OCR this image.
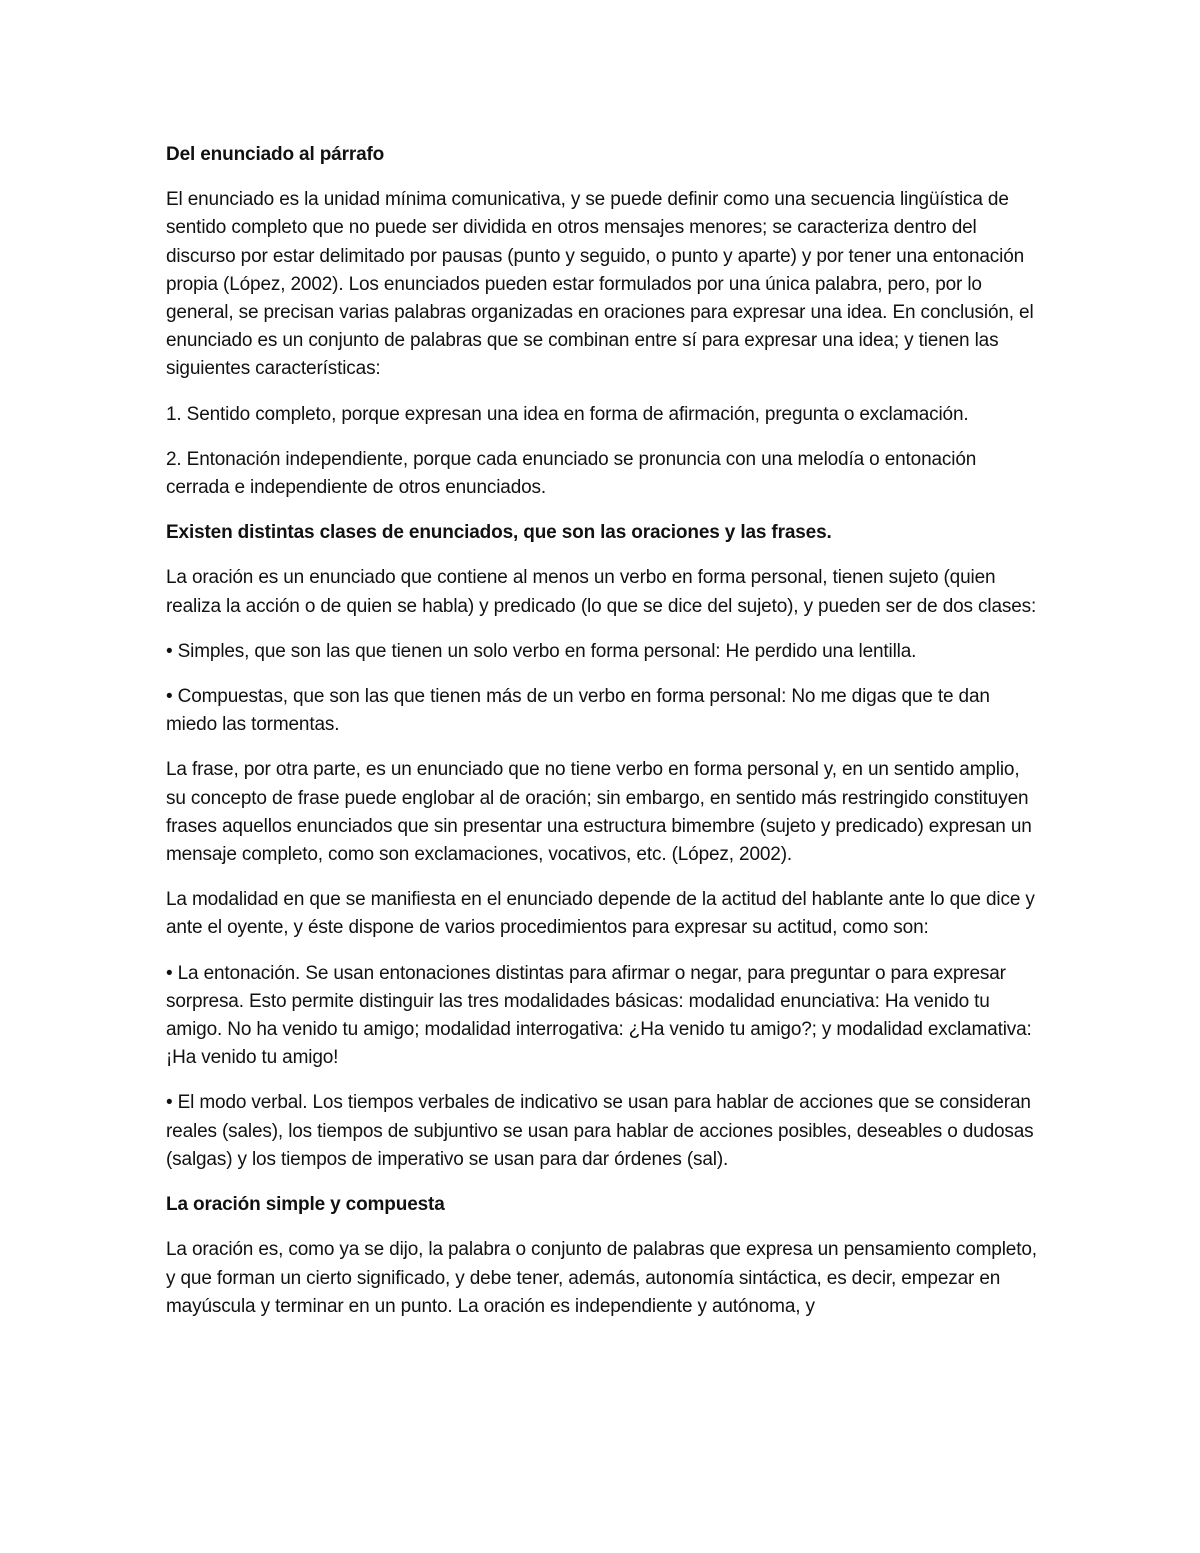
Del enunciado al párrafo

El enunciado es la unidad mínima comunicativa, y se puede definir como una secuencia lingüística de sentido completo que no puede ser dividida en otros mensajes menores; se caracteriza dentro del discurso por estar delimitado por pausas (punto y seguido, o punto y aparte) y por tener una entonación propia (López, 2002). Los enunciados pueden estar formulados por una única palabra, pero, por lo general, se precisan varias palabras organizadas en oraciones para expresar una idea. En conclusión, el enunciado es un conjunto de palabras que se combinan entre sí para expresar una idea; y tienen las siguientes características:

1. Sentido completo, porque expresan una idea en forma de afirmación, pregunta o exclamación.

2. Entonación independiente, porque cada enunciado se pronuncia con una melodía o entonación cerrada e independiente de otros enunciados.

Existen distintas clases de enunciados, que son las oraciones y las frases.

La oración es un enunciado que contiene al menos un verbo en forma personal, tienen sujeto (quien realiza la acción o de quien se habla) y predicado (lo que se dice del sujeto), y pueden ser de dos clases:

• Simples, que son las que tienen un solo verbo en forma personal: He perdido una lentilla.

• Compuestas, que son las que tienen más de un verbo en forma personal: No me digas que te dan miedo las tormentas.

La frase, por otra parte, es un enunciado que no tiene verbo en forma personal y, en un sentido amplio, su concepto de frase puede englobar al de oración; sin embargo, en sentido más restringido constituyen frases aquellos enunciados que sin presentar una estructura bimembre (sujeto y predicado) expresan un mensaje completo, como son exclamaciones, vocativos, etc. (López, 2002).

La modalidad en que se manifiesta en el enunciado depende de la actitud del hablante ante lo que dice y ante el oyente, y éste dispone de varios procedimientos para expresar su actitud, como son:

• La entonación. Se usan entonaciones distintas para afirmar o negar, para preguntar o para expresar sorpresa. Esto permite distinguir las tres modalidades básicas: modalidad enunciativa: Ha venido tu amigo. No ha venido tu amigo; modalidad interrogativa: ¿Ha venido tu amigo?; y modalidad exclamativa: ¡Ha venido tu amigo!

• El modo verbal. Los tiempos verbales de indicativo se usan para hablar de acciones que se consideran reales (sales), los tiempos de subjuntivo se usan para hablar de acciones posibles, deseables o dudosas (salgas) y los tiempos de imperativo se usan para dar órdenes (sal).

La oración simple y compuesta

La oración es, como ya se dijo, la palabra o conjunto de palabras que expresa un pensamiento completo, y que forman un cierto significado, y debe tener, además, autonomía sintáctica, es decir, empezar en mayúscula y terminar en un punto. La oración es independiente y autónoma, y
